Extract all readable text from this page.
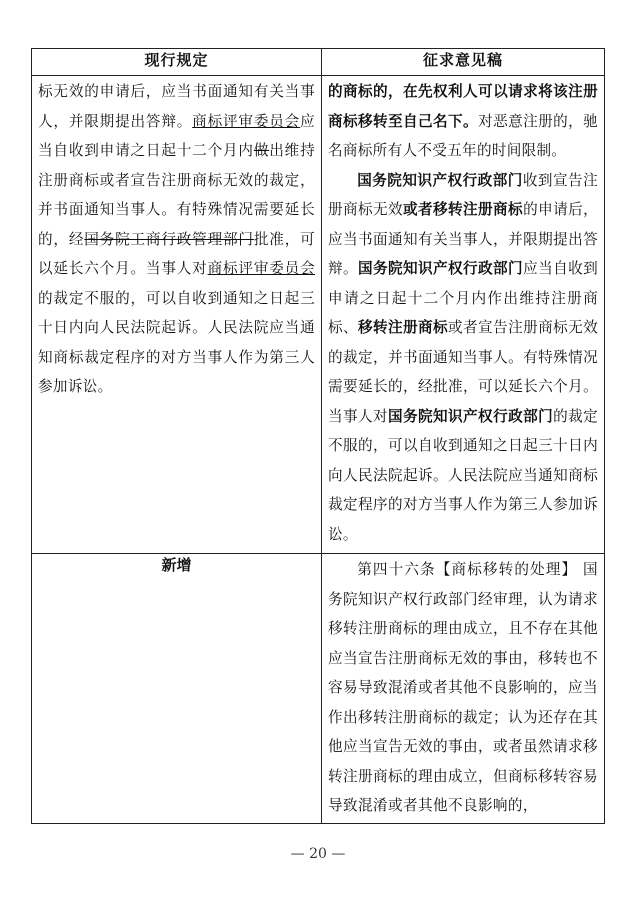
现行规定	征求意见稿

标无效的申请后，应当书面通知有关当事人，并限期提出答辩。商标评审委员会应当自收到申请之日起十二个月内做出维持注册商标或者宣告注册商标无效的裁定，并书面通知当事人。有特殊情况需要延长的，经国务院工商行政管理部门批准，可以延长六个月。当事人对商标评审委员会的裁定不服的，可以自收到通知之日起三十日内向人民法院起诉。人民法院应当通知商标裁定程序的对方当事人作为第三人参加诉讼。	的商标的，在先权利人可以请求将该注册商标移转至自己名下。对恶意注册的，驰名商标所有人不受五年的时间限制。

国务院知识产权行政部门收到宣告注册商标无效或者移转注册商标的申请后，应当书面通知有关当事人，并限期提出答辩。国务院知识产权行政部门应当自收到申请之日起十二个月内作出维持注册商标、移转注册商标或者宣告注册商标无效的裁定，并书面通知当事人。有特殊情况需要延长的，经批准，可以延长六个月。当事人对国务院知识产权行政部门的裁定不服的，可以自收到通知之日起三十日内向人民法院起诉。人民法院应当通知商标裁定程序的对方当事人作为第三人参加诉讼。

新增	第四十六条【商标移转的处理】 国务院知识产权行政部门经审理，认为请求移转注册商标的理由成立，且不存在其他应当宣告注册商标无效的事由，移转也不容易导致混淆或者其他不良影响的，应当作出移转注册商标的裁定；认为还存在其他应当宣告无效的事由，或者虽然请求移转注册商标的理由成立，但商标移转容易导致混淆或者其他不良影响的，

— 20 —
